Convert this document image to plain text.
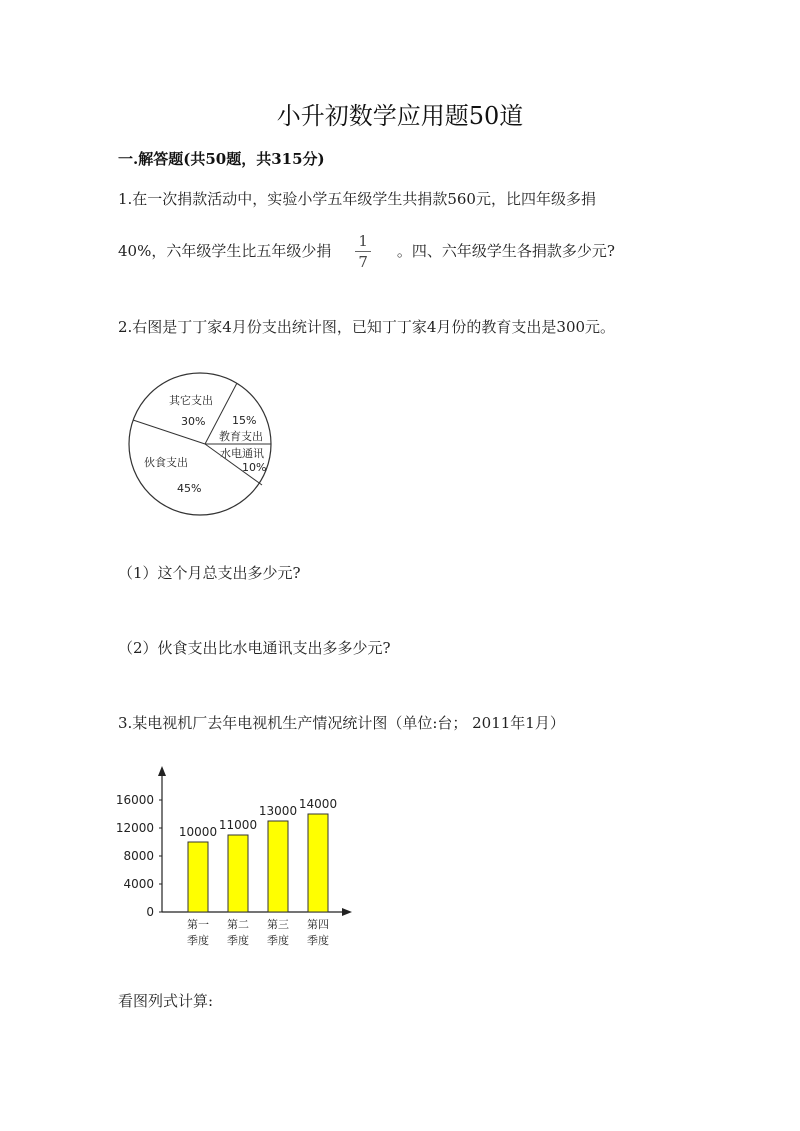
小升初数学应用题50道
一.解答题(共50题，共315分)
1.在一次捐款活动中，实验小学五年级学生共捐款560元，比四年级多捐
40%，六年级学生比五年级少捐 $\frac{1}{7}$ 。四、六年级学生各捐款多少元?
2.右图是丁丁家4月份支出统计图，已知丁丁家4月份的教育支出是300元。
其它支出
30% 15%
教育支出
水电通讯
10%
伙食支出
45%
（1）这个月总支出多少元?
（2）伙食支出比水电通讯支出多多少元?
3.某电视机厂去年电视机生产情况统计图（单位:台； 2011年1月）
0
4000
8000
12000
16000
10000
第一
季度
11000
第二
季度
13000
第三
季度
14000
第四
季度
看图列式计算:
